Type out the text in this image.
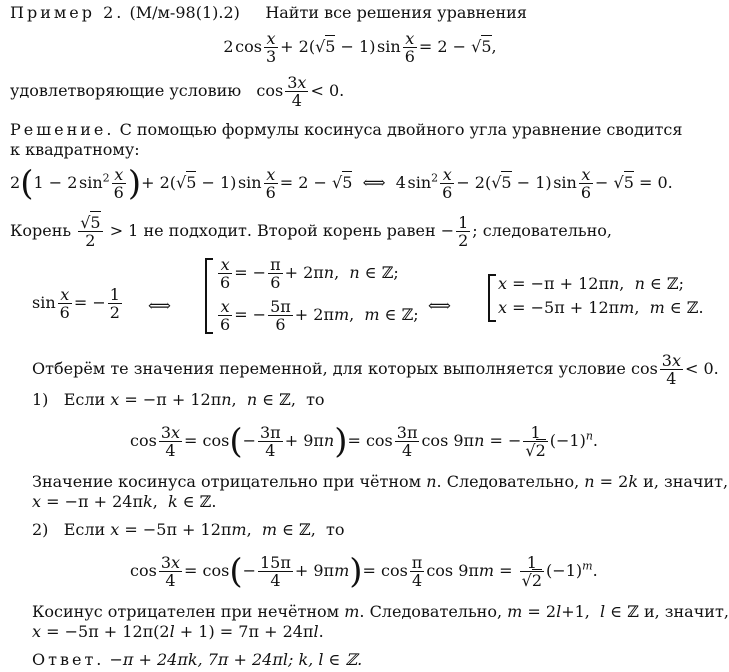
Пример 2. (М/м-98(1).2) Найти все решения уравнения
2 $\cos \frac{x}{3} + 2(√5 - 1)$ $\sin \frac{x}{6} = 2 - √5$,
удовлетворяющие условию   $\cos \frac{3x}{4} < 0$.
Решение. С помощью формулы косинуса двойного угла уравнение сводится
к квадратному:
2(1 − 2 $\sin^2 \frac{x}{6}$ )+ 2(√5 − 1) $\sin \frac{x}{6} = 2 - √5$  ⟺  4 $\sin^2 \frac{x}{6} - 2(√5 - 1)$ $\sin \frac{x}{6} - √5 = 0$.
Корень $\frac{√5}{2} > 1$ не подходит. Второй корень равен − $\frac{1}{2}$ ; следовательно,
$\sin \frac{x}{6}$ = − $\frac{1}{2}$ ⟺
$\frac{x}{6}$ = − $\frac{\pi}{6} + 2\pi n$,  n ∈ ℤ;
$\frac{x}{6}$ = − $\frac{5\pi}{6} + 2\pi m$,  m ∈ ℤ; ⟺
x = −π + 12πn,  n ∈ ℤ;
x = −5π + 12πm,  m ∈ ℤ.
Отберём те значения переменной, для которых выполняется условие $\cos \frac{3x}{4} < 0$.
1) Если x = −π + 12πn,  n ∈ ℤ,  то
$\cos \frac{3x}{4} = \cos(- \frac{3\pi}{4} + 9\pi n)= \cos \frac{3\pi}{4}$ cos 9πn = − $\frac{1}{√2} (-1)^n$.
Значение косинуса отрицательно при чётном n. Следовательно, n = 2k и, значит,
x = −π + 24πk,  k ∈ ℤ.
2) Если x = −5π + 12πm,  m ∈ ℤ,  то
$\cos \frac{3x}{4} = \cos(- \frac{15\pi}{4} + 9\pi m)= \cos \frac{\pi}{4}$ $\cos 9\pi m = \frac{1}{√2} (-1)^m$.
Косинус отрицателен при нечётном m. Следовательно, m = 2l+1,  l ∈ ℤ и, значит,
x = −5π + 12π(2l + 1) = 7π + 24πl.
Ответ. −π + 24πk, 7π + 24πl; k, l ∈ ℤ.
